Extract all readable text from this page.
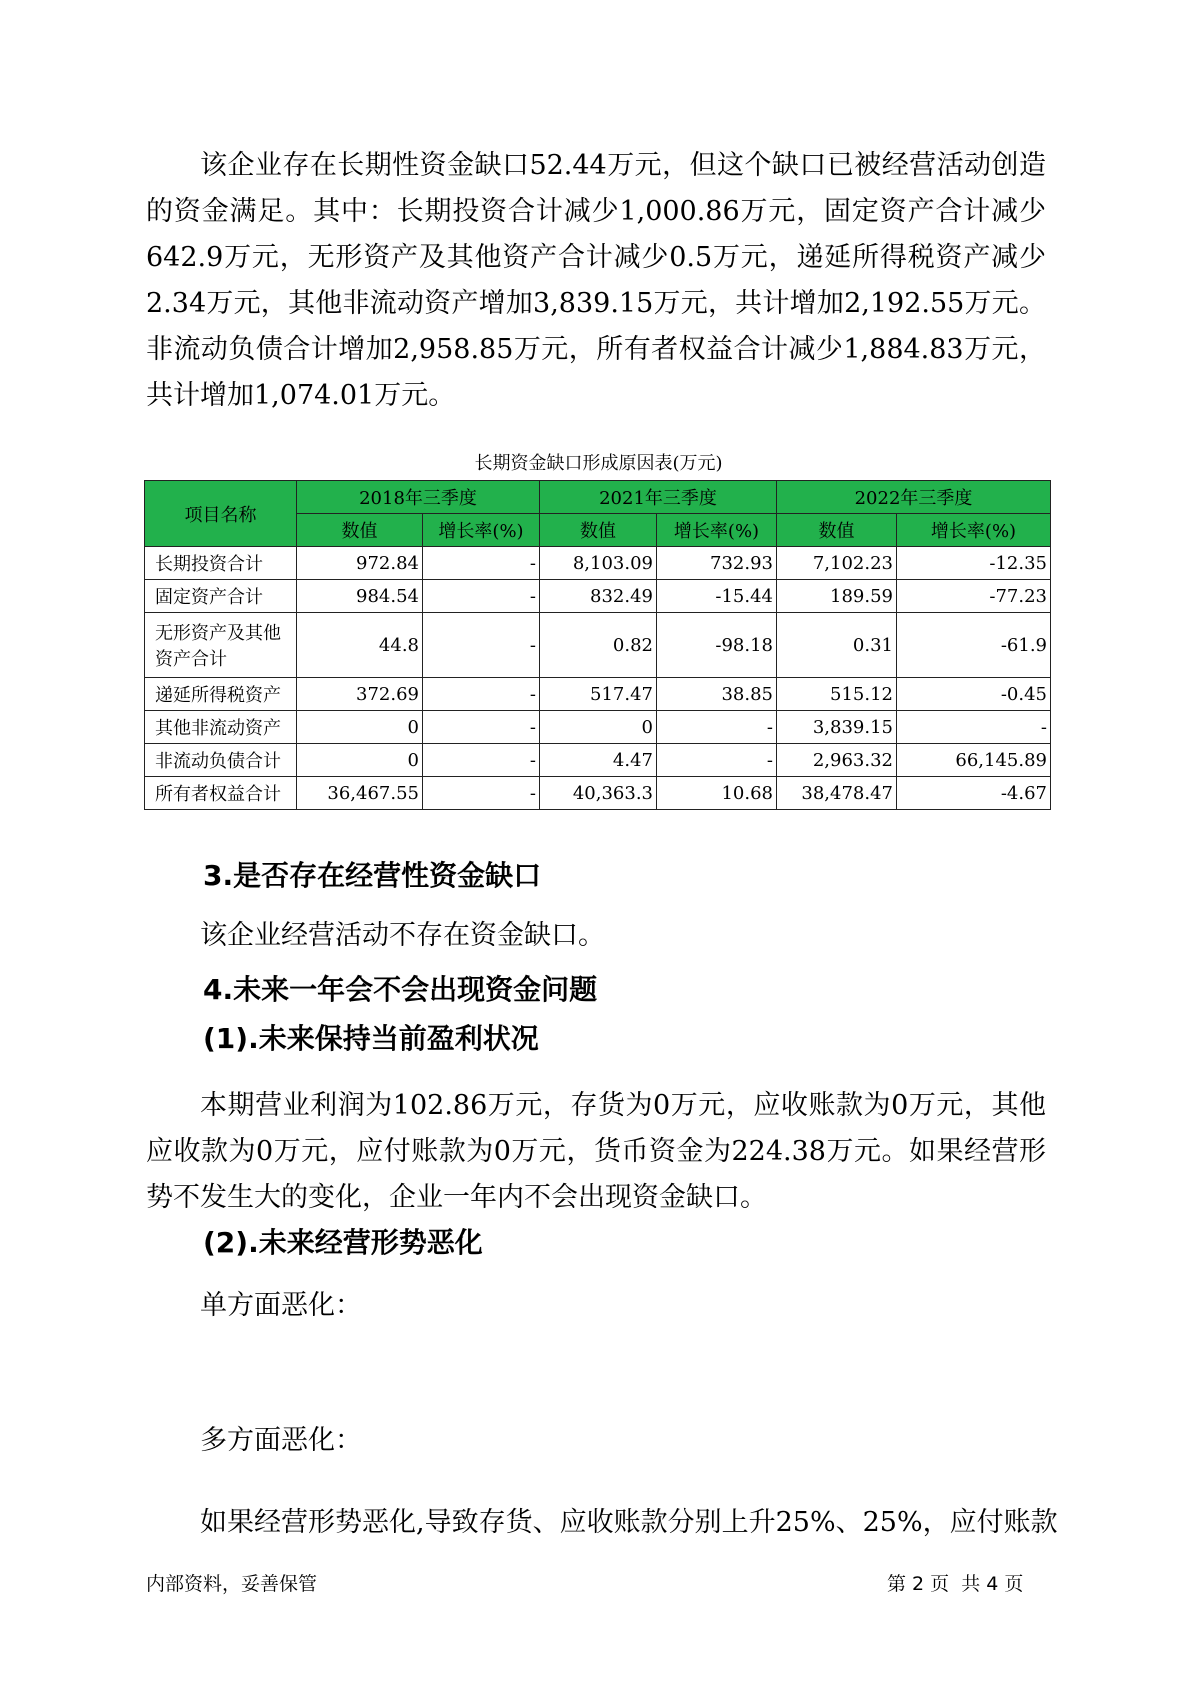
该企业存在长期性资金缺口52.44万元，但这个缺口已被经营活动创造的资金满足。其中：长期投资合计减少1,000.86万元，固定资产合计减少642.9万元，无形资产及其他资产合计减少0.5万元，递延所得税资产减少2.34万元，其他非流动资产增加3,839.15万元，共计增加2,192.55万元。非流动负债合计增加2,958.85万元，所有者权益合计减少1,884.83万元，共计增加1,074.01万元。

长期资金缺口形成原因表(万元)

项目名称	2018年三季度		2021年三季度		2022年三季度	
	数值	增长率(%)	数值	增长率(%)	数值	增长率(%)
长期投资合计	972.84	-	8,103.09	732.93	7,102.23	-12.35
固定资产合计	984.54	-	832.49	-15.44	189.59	-77.23
无形资产及其他资产合计	44.8	-	0.82	-98.18	0.31	-61.9
递延所得税资产	372.69	-	517.47	38.85	515.12	-0.45
其他非流动资产	0	-	0	-	3,839.15	-
非流动负债合计	0	-	4.47	-	2,963.32	66,145.89
所有者权益合计	36,467.55	-	40,363.3	10.68	38,478.47	-4.67
3.是否存在经营性资金缺口

该企业经营活动不存在资金缺口。

4.未来一年会不会出现资金问题
(1).未来保持当前盈利状况

本期营业利润为102.86万元，存货为0万元，应收账款为0万元，其他应收款为0万元，应付账款为0万元，货币资金为224.38万元。如果经营形势不发生大的变化，企业一年内不会出现资金缺口。

(2).未来经营形势恶化

单方面恶化：

多方面恶化：

如果经营形势恶化,导致存货、应收账款分别上升25%、25%，应付账款

内部资料，妥善保管	第 2 页  共 4 页
